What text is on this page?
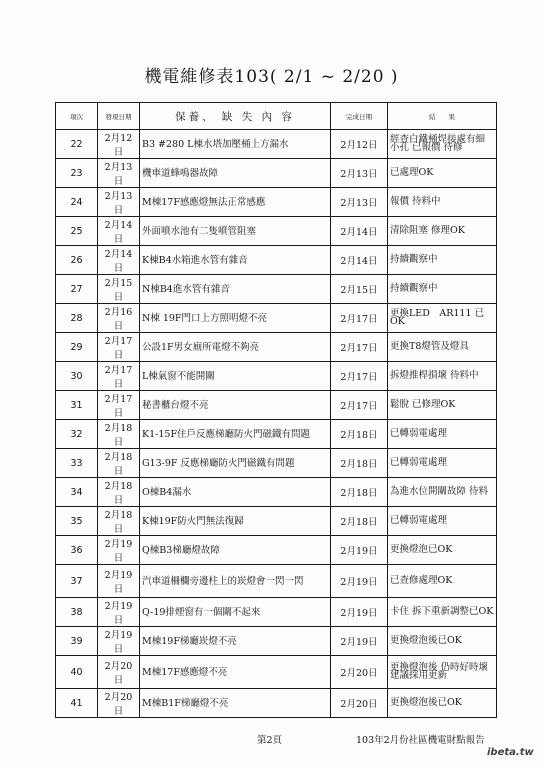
機電維修表103( 2/1 ~ 2/20 )
項次	發現日期	保養、 缺 失 內 容	完成日期	結　　果
22	2月12日	B3 #280 L棟水塔加壓桶上方漏水	2月12日	經查白鐵桶焊接處有細小孔 已報價 待修
23	2月13日	機車道蜂鳴器故障	2月13日	已處理OK
24	2月13日	M棟17F感應燈無法正常感應	2月13日	報價 待料中
25	2月14日	外面噴水池有二隻噴管阻塞	2月14日	清除阻塞 修理OK
26	2月14日	K棟B4水箱進水管有雜音	2月14日	持續觀察中
27	2月15日	N棟B4進水管有雜音	2月15日	持續觀察中
28	2月16日	N棟 19F門口上方照明燈不亮	2月17日	更換LED　AR111 已OK
29	2月17日	公設1F男女廁所電燈不夠亮	2月17日	更換T8燈管及燈具
30	2月17日	L棟氣窗不能開關	2月17日	拆燈推桿損壞 待料中
31	2月17日	秘書櫃台燈不亮	2月17日	鬆脫 已修理OK
32	2月18日	K1-15F住戶反應梯廳防火門磁鐵有問題	2月18日	已轉弱電處理
33	2月18日	G13-9F 反應梯廳防火門磁鐵有問題	2月18日	已轉弱電處理
34	2月18日	O棟B4漏水	2月18日	為進水位開關故障 待料
35	2月18日	K棟19F防火門無法復歸	2月18日	已轉弱電處理
36	2月19日	Q棟B3梯廳燈故障	2月19日	更換燈泡已OK
37	2月19日	汽車道柵欄旁邊柱上的崁燈會一閃一閃	2月19日	已查修處理OK
38	2月19日	Q-19排煙窗有一個關不起來	2月19日	卡住 拆下重新調整已OK
39	2月19日	M棟19F梯廳崁燈不亮	2月19日	更換燈泡後已OK
40	2月20日	M棟17F感應燈不亮	2月20日	更換燈泡後 仍時好時壞 建議採用更新
41	2月20日	M棟B1F梯廳燈不亮	2月20日	更換燈泡後已OK
第2頁	103年2月份社區機電財點報告
ibeta.tw
